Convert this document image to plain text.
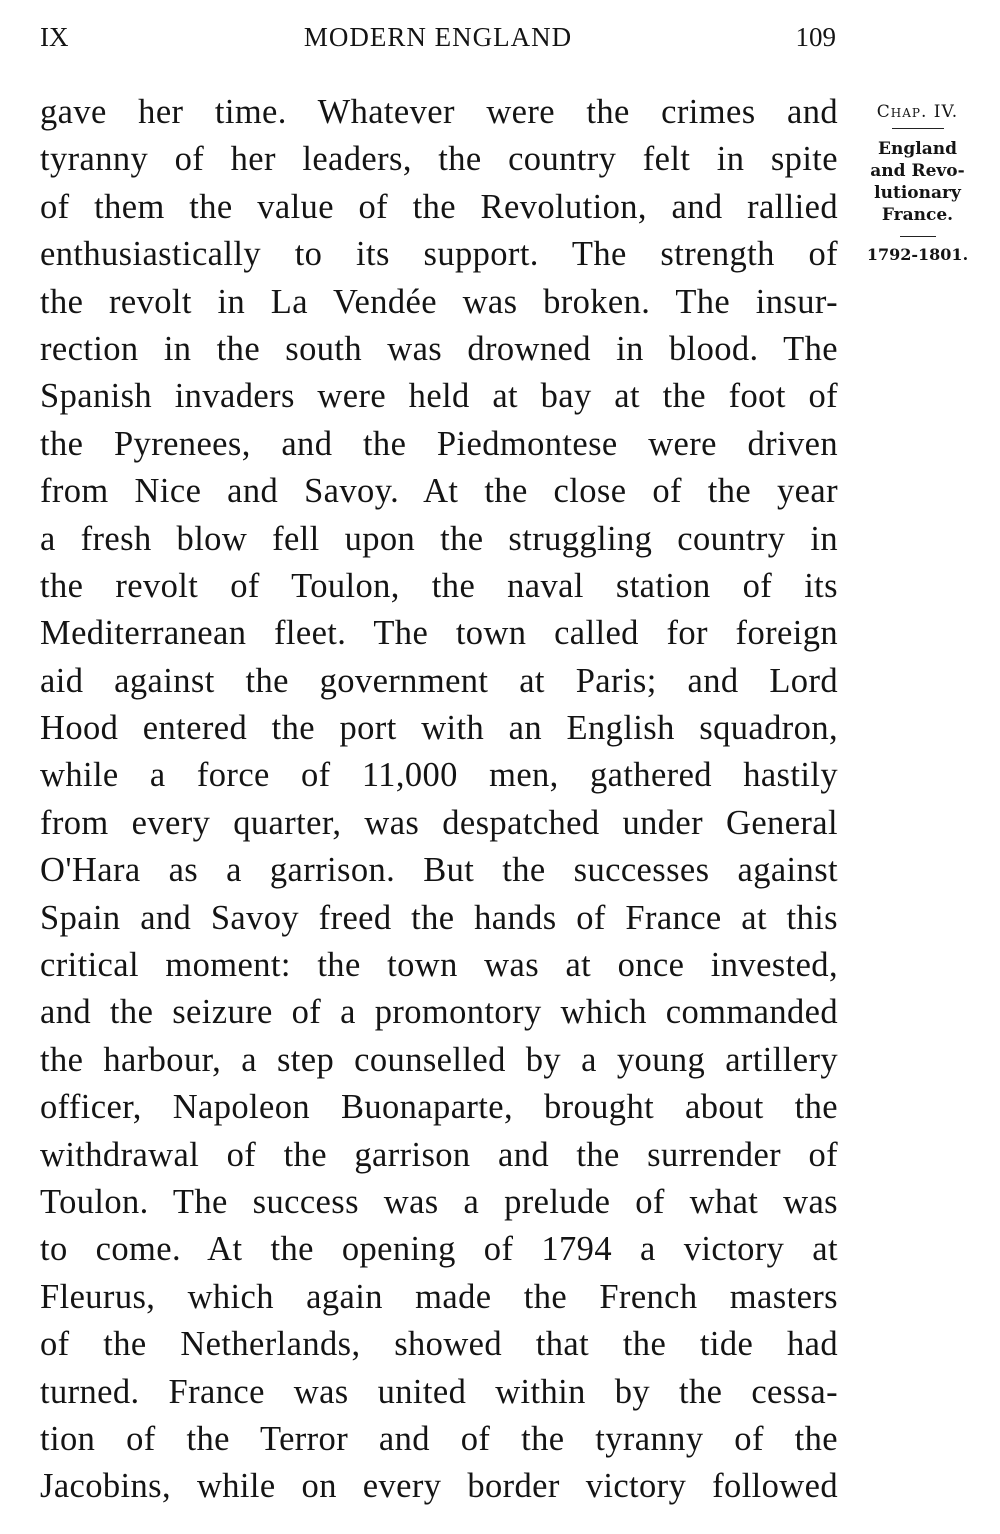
IX	MODERN ENGLAND	109
gave her time. Whatever were the crimes and
tyranny of her leaders, the country felt in spite
of them the value of the Revolution, and rallied
enthusiastically to its support. The strength of
the revolt in La Vendée was broken. The insur-
rection in the south was drowned in blood. The
Spanish invaders were held at bay at the foot of
the Pyrenees, and the Piedmontese were driven
from Nice and Savoy. At the close of the year
a fresh blow fell upon the struggling country in
the revolt of Toulon, the naval station of its
Mediterranean fleet. The town called for foreign
aid against the government at Paris; and Lord
Hood entered the port with an English squadron,
while a force of 11,000 men, gathered hastily
from every quarter, was despatched under General
O'Hara as a garrison. But the successes against
Spain and Savoy freed the hands of France at this
critical moment: the town was at once invested,
and the seizure of a promontory which commanded
the harbour, a step counselled by a young artillery
officer, Napoleon Buonaparte, brought about the
withdrawal of the garrison and the surrender of
Toulon. The success was a prelude of what was
to come. At the opening of 1794 a victory at
Fleurus, which again made the French masters
of the Netherlands, showed that the tide had
turned. France was united within by the cessa-
tion of the Terror and of the tyranny of the
Jacobins, while on every border victory followed
Chap. IV.
England
and Revo-
lutionary
France.
1792-1801.
